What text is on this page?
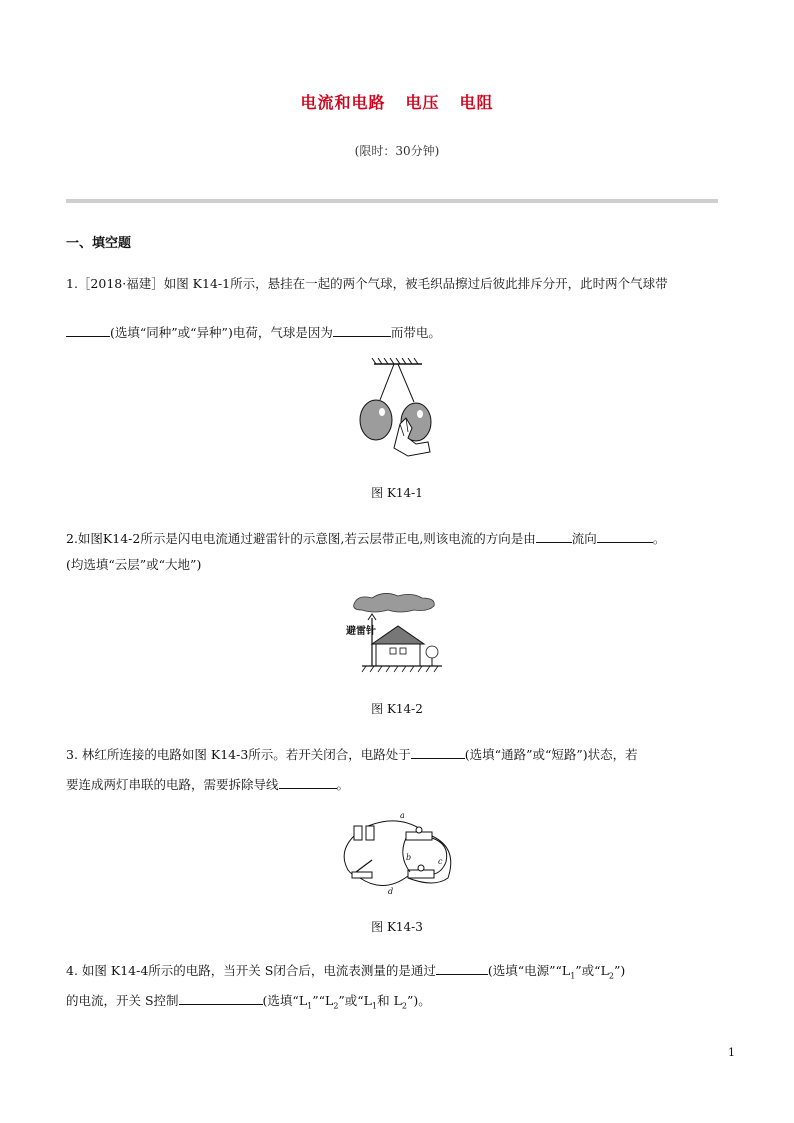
电流和电路 电压 电阻
(限时：30分钟)
一、填空题
1.［2018·福建］如图 K14-1所示，悬挂在一起的两个气球，被毛织品擦过后彼此排斥分开，此时两个气球带
(选填“同种”或“异种”)电荷，气球是因为	而带电。
图 K14-1
2.如图K14-2所示是闪电电流通过避雷针的示意图,若云层带正电,则该电流的方向是由	流向	。
(均选填“云层”或“大地”)
避雷针
图 K14-2
3. 林红所连接的电路如图 K14-3所示。若开关闭合，电路处于	(选填“通路”或“短路”)状态，若
要连成两灯串联的电路，需要拆除导线	。
a
b	c
d
图 K14-3
4. 如图 K14-4所示的电路，当开关 S闭合后，电流表测量的是通过	(选填“电源$”“L_1$”或“$L_2$”)
的电流，开关 S控制	(选填“$L_1”“L_2$”或“$L_1$和 $L_2$”)。
1
